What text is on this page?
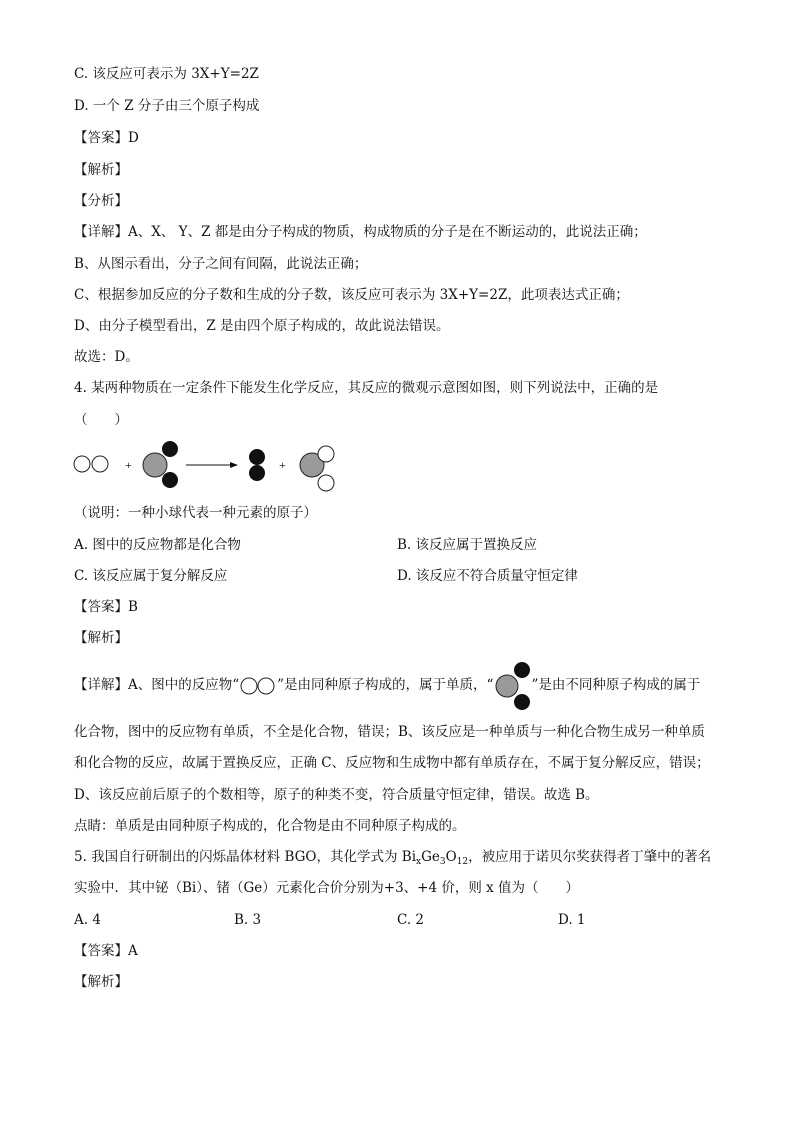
C. 该反应可表示为 3X+Y=2Z
D. 一个 Z 分子由三个原子构成
【答案】D
【解析】
【分析】
【详解】A、X、 Y、Z 都是由分子构成的物质，构成物质的分子是在不断运动的，此说法正确；
B、从图示看出，分子之间有间隔，此说法正确；
C、根据参加反应的分子数和生成的分子数，该反应可表示为 3X+Y=2Z，此项表达式正确；
D、由分子模型看出，Z 是由四个原子构成的，故此说法错误。
故选：D。
4. 某两种物质在一定条件下能发生化学反应，其反应的微观示意图如图，则下列说法中，正确的是
（　　）
+	+
（说明：一种小球代表一种元素的原子）
A. 图中的反应物都是化合物	B. 该反应属于置换反应
C. 该反应属于复分解反应	D. 该反应不符合质量守恒定律
【答案】B
【解析】
【详解】A、图中的反应物“	”是由同种原子构成的，属于单质，“	”是由不同种原子构成的属于
化合物，图中的反应物有单质，不全是化合物，错误；B、该反应是一种单质与一种化合物生成另一种单质
和化合物的反应，故属于置换反应，正确 C、反应物和生成物中都有单质存在，不属于复分解反应，错误；
D、该反应前后原子的个数相等，原子的种类不变，符合质量守恒定律，错误。故选 B。
点睛：单质是由同种原子构成的，化合物是由不同种原子构成的。
5. 我国自行研制出的闪烁晶体材料 BGO，其化学式为 $Bi_xGe_3O_{12}$，被应用于诺贝尔奖获得者丁肇中的著名
实验中．其中铋（Bi）、锗（Ge）元素化合价分别为+3、+4 价，则 x 值为（　　）
A. 4	B. 3	C. 2	D. 1
【答案】A
【解析】
